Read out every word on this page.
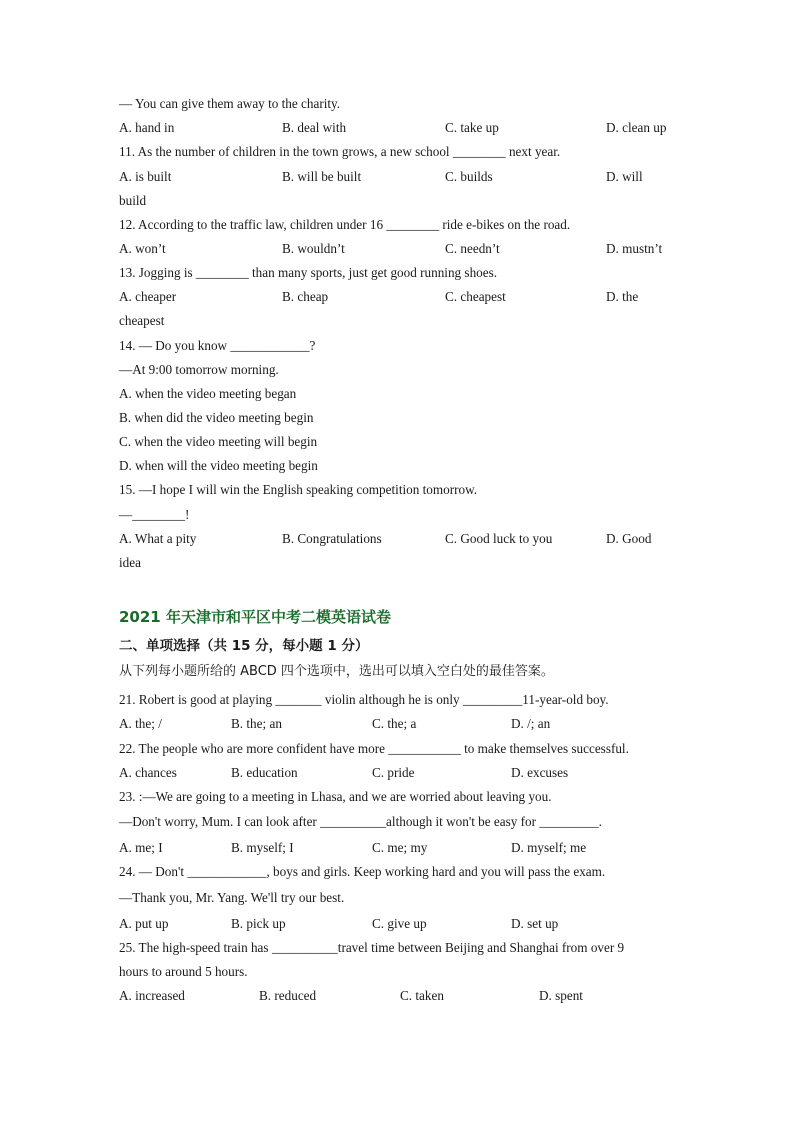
— You can give them away to the charity.
A. hand in	B. deal with	C. take up	D. clean up
11. As the number of children in the town grows, a new school ________ next year.
A. is built	B. will be built	C. builds	D. will
build
12. According to the traffic law, children under 16 ________ ride e-bikes on the road.
A. won’t	B. wouldn’t	C. needn’t	D. mustn’t
13. Jogging is ________ than many sports, just get good running shoes.
A. cheaper	B. cheap	C. cheapest	D. the
cheapest
14. — Do you know ____________?
—At 9:00 tomorrow morning.
A. when the video meeting began
B. when did the video meeting begin
C. when the video meeting will begin
D. when will the video meeting begin
15. —I hope I will win the English speaking competition tomorrow.
—________!
A. What a pity	B. Congratulations	C. Good luck to you	D. Good
idea
2021 年天津市和平区中考二模英语试卷
二、单项选择（共 15 分，每小题 1 分）
从下列每小题所给的 ABCD 四个选项中，选出可以填入空白处的最佳答案。
21. Robert is good at playing _______ violin although he is only _________11-year-old boy.
A. the; /	B. the; an	C. the; a	D. /; an
22. The people who are more confident have more ___________ to make themselves successful.
A. chances	B. education	C. pride	D. excuses
23. :—We are going to a meeting in Lhasa, and we are worried about leaving you.
—Don't worry, Mum. I can look after __________although it won't be easy for _________.
A. me; I	B. myself; I	C. me; my	D. myself; me
24. — Don't ____________, boys and girls. Keep working hard and you will pass the exam.
—Thank you, Mr. Yang. We'll try our best.
A. put up	B. pick up	C. give up	D. set up
25. The high-speed train has __________travel time between Beijing and Shanghai from over 9
hours to around 5 hours.
A. increased	B. reduced	C. taken	D. spent
